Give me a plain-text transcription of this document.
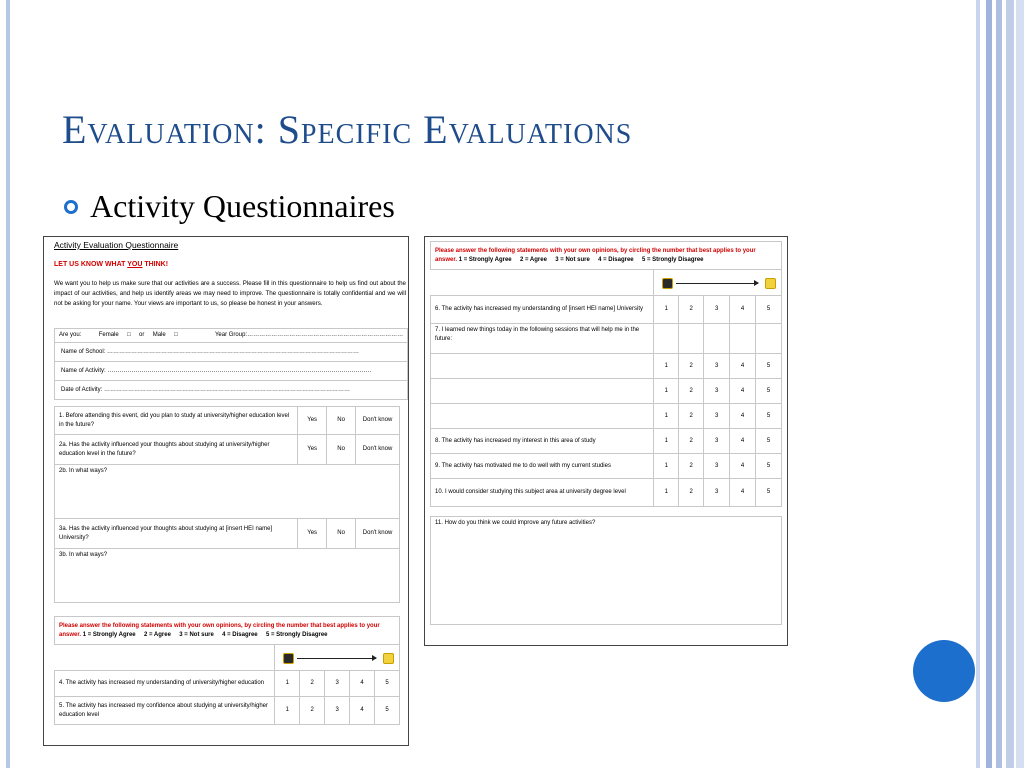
Evaluation: Specific Evaluations
Activity Questionnaires
Activity Evaluation Questionnaire
LET US KNOW WHAT YOU THINK!
We want you to help us make sure that our activities are a success. Please fill in this questionnaire to help us find out about the impact of our activities, and help us identify areas we may need to improve. The questionnaire is totally confidential and we will not be asking for your name. Your views are important to us, so please be honest in your answers.
Are you:	Female □ or Male □	Year Group:……………………………………………………………………
Name of School: ………………………………………………………………………………………………………………
Name of Activity: ……………………………………………………………………………………………………………………
Date of Activity: ……………………………………………………………………………………………………………
1. Before attending this event, did you plan to study at university/higher education level in the future?	Yes	No	Don't know
2a. Has the activity influenced your thoughts about studying at university/higher education level in the future?	Yes	No	Don't know
2b. In what ways?			
3a. Has the activity influenced your thoughts about studying at [insert HEI name] University?	Yes	No	Don't know
3b. In what ways?			
Please answer the following statements with your own opinions, by circling the number that best applies to your answer. 1 = Strongly Agree     2 = Agree     3 = Not sure     4 = Disagree     5 = Strongly Disagree					

4. The activity has increased my understanding of university/higher education	1	2	3	4	5
5. The activity has increased my confidence about studying at university/higher education level	1	2	3	4	5
Please answer the following statements with your own opinions, by circling the number that best applies to your answer. 1 = Strongly Agree     2 = Agree     3 = Not sure     4 = Disagree     5 = Strongly Disagree					

6. The activity has increased my understanding of [insert HEI name] University	1	2	3	4	5
7. I learned new things today in the following sessions that will help me in the future:					
	1	2	3	4	5
	1	2	3	4	5
	1	2	3	4	5
8. The activity has increased my interest in this area of study	1	2	3	4	5
9. The activity has motivated me to do well with my current studies	1	2	3	4	5
10. I would consider studying this subject area at university degree level	1	2	3	4	5
11. How do you think we could improve any future activities?
